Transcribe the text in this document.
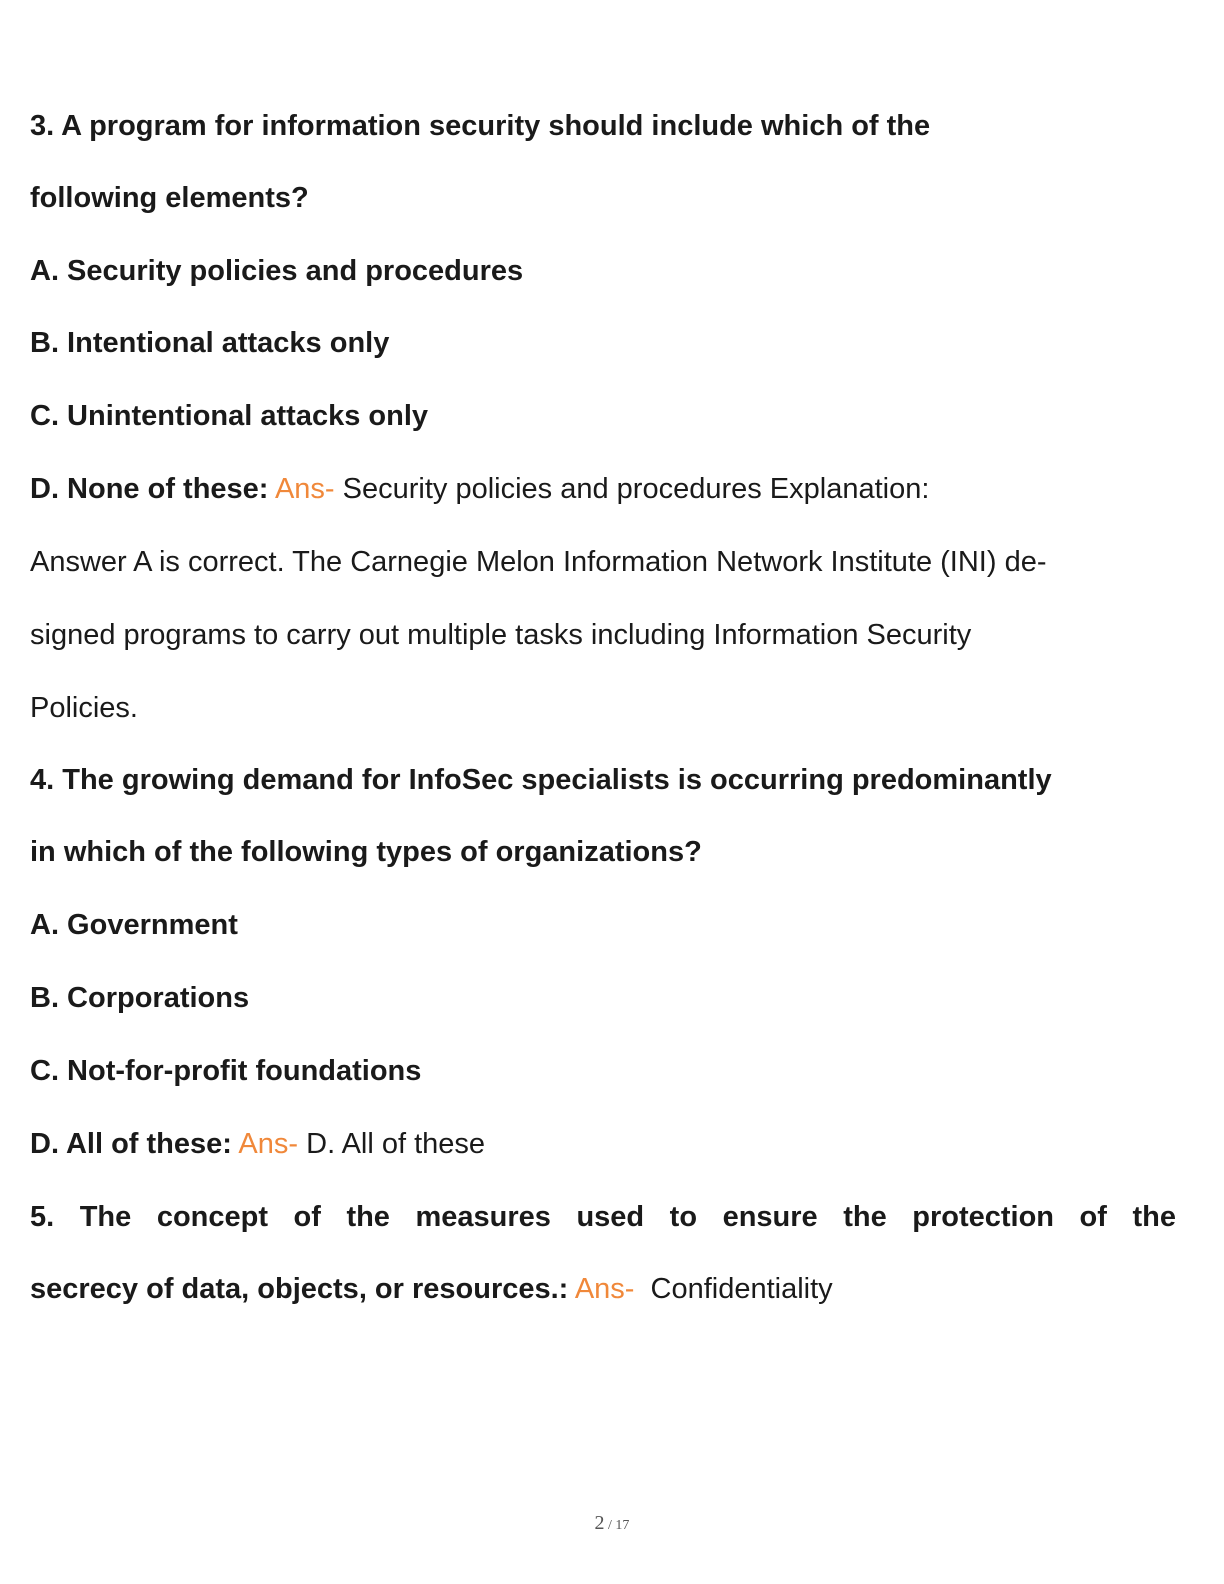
3. A program for information security should include which of the
following elements?
A. Security policies and procedures
B. Intentional attacks only
C. Unintentional attacks only
D. None of these: Ans- Security policies and procedures Explanation:
Answer A is correct. The Carnegie Melon Information Network Institute (INI) de-
signed programs to carry out multiple tasks including Information Security
Policies.
4. The growing demand for InfoSec specialists is occurring predominantly
in which of the following types of organizations?
A. Government
B. Corporations
C. Not-for-profit foundations
D. All of these: Ans- D. All of these
5. The concept of the measures used to ensure the protection of the
secrecy of data, objects, or resources.: Ans- Confidentiality
2 / 17
